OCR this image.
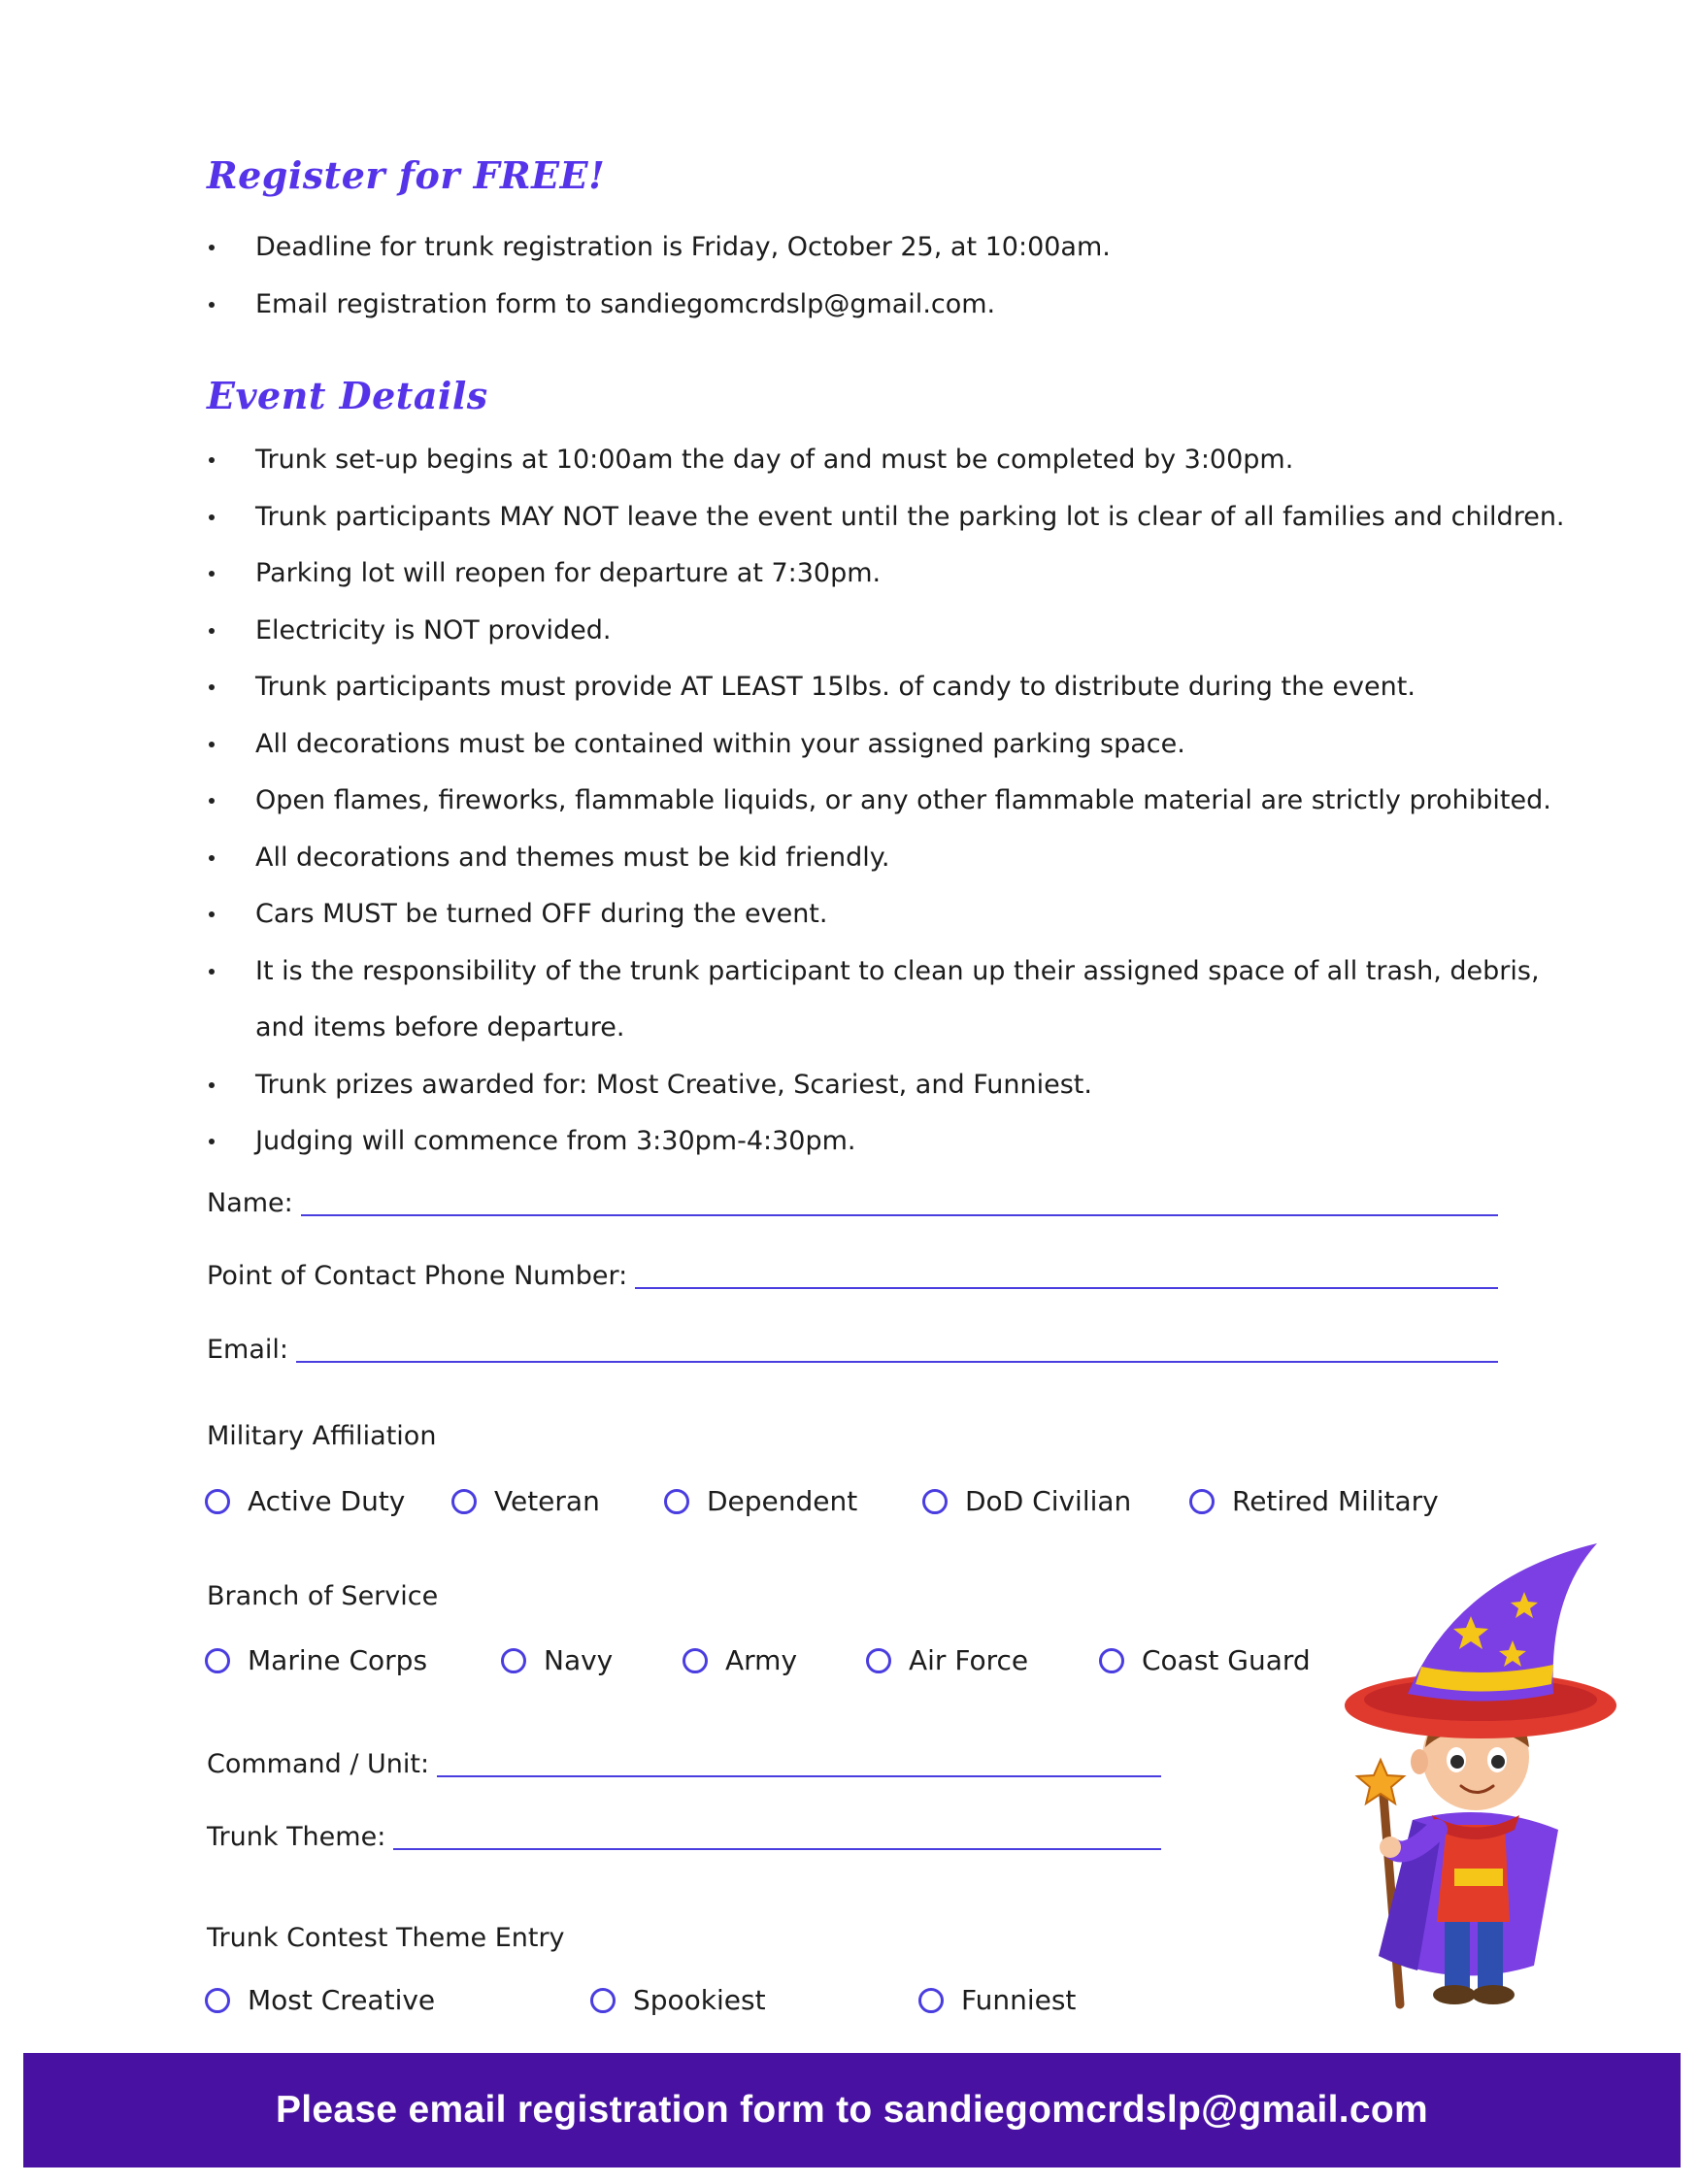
Register for FREE!
Deadline for trunk registration is Friday, October 25, at 10:00am.
Email registration form to sandiegomcrdslp@gmail.com.
Event Details
Trunk set-up begins at 10:00am the day of and must be completed by 3:00pm.
Trunk participants MAY NOT leave the event until the parking lot is clear of all families and children.
Parking lot will reopen for departure at 7:30pm.
Electricity is NOT provided.
Trunk participants must provide AT LEAST 15lbs. of candy to distribute during the event.
All decorations must be contained within your assigned parking space.
Open flames, fireworks, flammable liquids, or any other flammable material are strictly prohibited.
All decorations and themes must be kid friendly.
Cars MUST be turned OFF during the event.
It is the responsibility of the trunk participant to clean up their assigned space of all trash, debris, and items before departure.
Trunk prizes awarded for: Most Creative, Scariest, and Funniest.
Judging will commence from 3:30pm-4:30pm.
Name:
Point of Contact Phone Number:
Email:

Military Affiliation

Active Duty	Veteran	Dependent	DoD Civilian	Retired Military

Branch of Service

Marine Corps	Navy	Army	Air Force	Coast Guard
Command / Unit:
Trunk Theme:

Trunk Contest Theme Entry

Most Creative	Spookiest	Funniest
Please email registration form to sandiegomcrdslp@gmail.com
